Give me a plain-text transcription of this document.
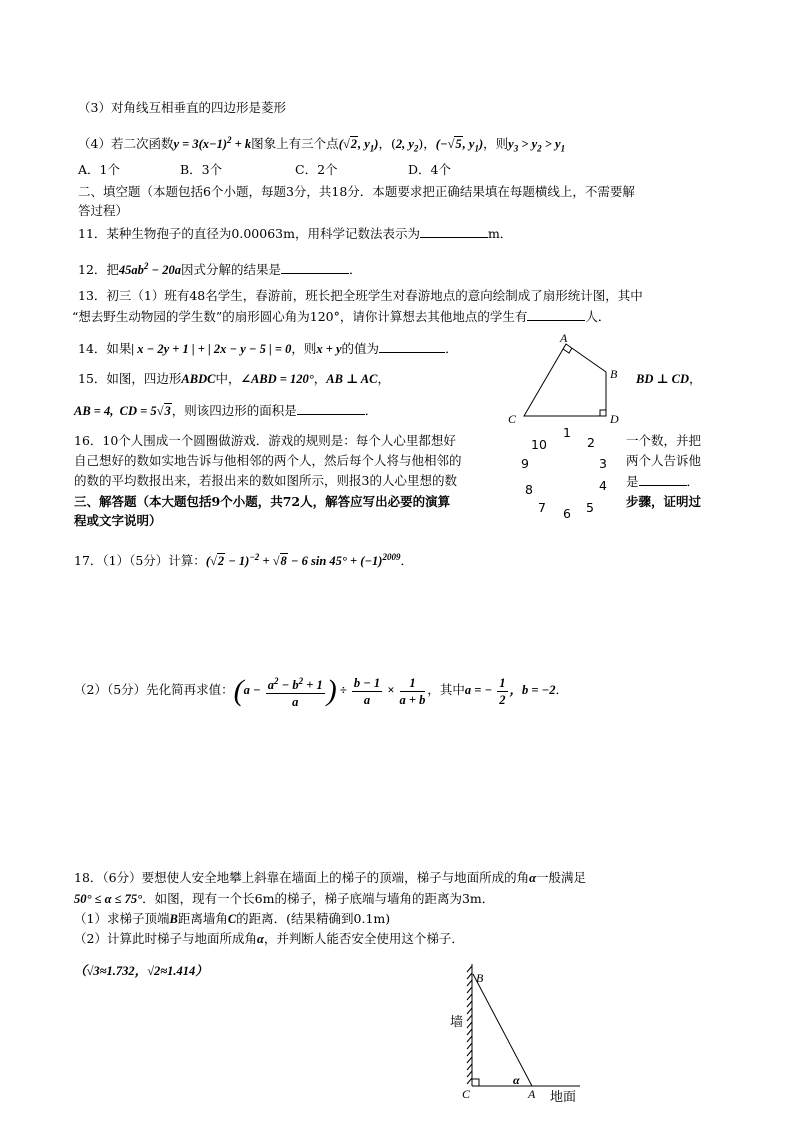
（3）对角线互相垂直的四边形是菱形
（4）若二次函数$y = 3(x-1)^2 + k$图象上有三个点(√2, $y_1$)，(2, $y_2$)，(−√5, $y_1$)，则$y_3 > y_2 > y_1$
A．1个	B．3个	C．2个	D．4个
二、填空题（本题包括6个小题，每题3分，共18分．本题要求把正确结果填在每题横线上，不需要解
答过程）
11．某种生物孢子的直径为0.00063m，用科学记数法表示为	m．
12．把$45ab^2 - 20a$因式分解的结果是	．
13．初三（1）班有48名学生，春游前，班长把全班学生对春游地点的意向绘制成了扇形统计图，其中
“想去野生动物园的学生数”的扇形圆心角为120°，请你计算想去其他地点的学生有	人．
14．如果| x − 2y + 1 | + | 2x − y − 5 | = 0，则x + y的值为	．
15．如图，四边形ABDC中，∠ABD = 120°，AB ⊥ AC，	BD ⊥ CD，
AB = 4,  CD = 5√3，则该四边形的面积是	．
A
B
C	D
16．10个人围成一个圆圈做游戏．游戏的规则是：每个人心里都想好	一个数，并把
自己想好的数如实地告诉与他相邻的两个人，然后每个人将与他相邻的	两个人告诉他
的数的平均数报出来，若报出来的数如图所示，则报3的人心里想的数	是	．
1
2
3
4
5
6
7
8
9
10
三、解答题（本大题包括9个小题，共72人，解答应写出必要的演算	步骤，证明过
程或文字说明）
17．（1）（5分）计算：$(√2 - 1)^{-2} + √8 - 6$ $\sin 45^\circ + (-1)^{2009}$．
（2）（5分）先化简再求值：($a - \frac{a^2 - b^2 + 1}{a}$ ) ÷ $\frac{b - 1}{a} \times \frac{1}{a + b}$ ，其中a = − $\frac{1}{2}$ ，b = −2．
18．（6分）要想使人安全地攀上斜靠在墙面上的梯子的顶端，梯子与地面所成的角α一般满足
50° ≤ α ≤ 75°．如图，现有一个长6m的梯子，梯子底端与墙角的距离为3m．
（1）求梯子顶端B距离墙角C的距离．(结果精确到0.1m)
（2）计算此时梯子与地面所成角α，并判断人能否安全使用这个梯子．
（√3≈1.732，√2≈1.414）	B
C	A
α
墙
地面
